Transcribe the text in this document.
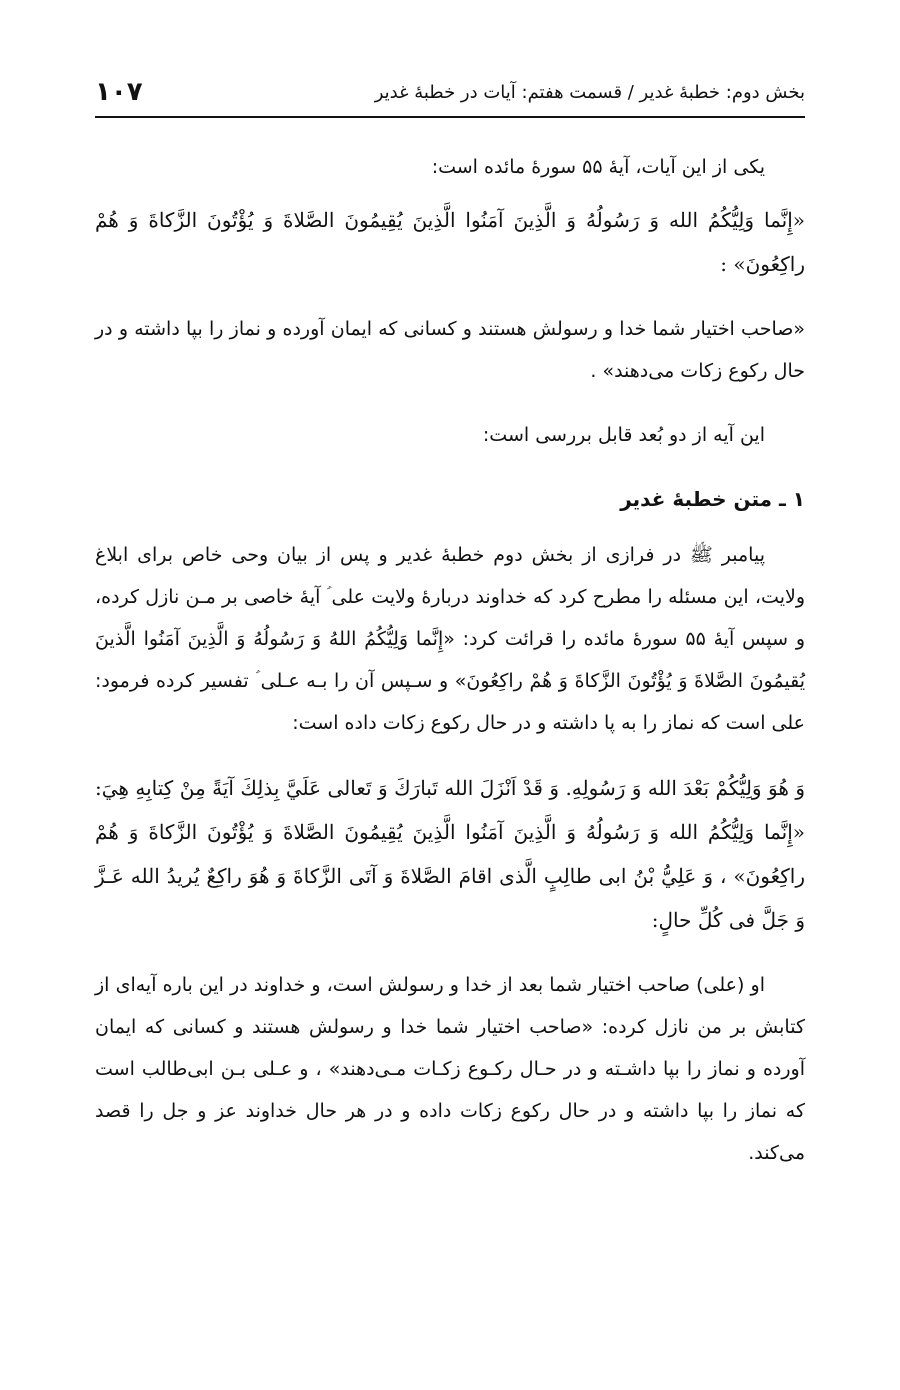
بخش دوم: خطبهٔ غدیر / قسمت هفتم: آیات در خطبهٔ غدیر
۱۰۷

یکی از این آیات، آیهٔ ۵۵ سورهٔ مائده است:

«إِنَّما وَلِيُّكُمُ الله وَ رَسُولُهُ وَ الَّذِينَ آمَنُوا الَّذِينَ يُقِيمُونَ الصَّلاةَ وَ يُؤْتُونَ الزَّكاةَ وَ هُمْ راكِعُونَ» :

«صاحب اختیار شما خدا و رسولش هستند و کسانی که ایمان آورده و نماز را بپا داشته و در حال رکوع زکات می‌دهند» .

این آیه از دو بُعد قابل بررسی است:

۱ ـ متن خطبهٔ غدیر

پیامبر ﷺ در فرازی از بخش دوم خطبهٔ غدیر و پس از بیان وحی خاص برای ابلاغ ولایت، این مسئله را مطرح کرد که خداوند دربارهٔ ولایت علی ؑ آیهٔ خاصی بر مـن نازل کرده، و سپس آیهٔ ۵۵ سورهٔ مائده را قرائت کرد: «إِنَّما وَلِيُّكُمُ اللهُ وَ رَسُولُهُ وَ الَّذِينَ آمَنُوا الَّذينَ يُقيمُونَ الصَّلاةَ وَ يُؤْتُونَ الزَّكاةَ وَ هُمْ راكِعُونَ» و سـپس آن را بـه عـلی ؑ تفسیر کرده فرمود: علی است که نماز را به پا داشته و در حال رکوع زکات داده است:

وَ هُوَ وَلِيُّكُمْ بَعْدَ الله وَ رَسُولِهِ. وَ قَدْ اَنْزَلَ الله تَبارَكَ وَ تَعالى عَلَيَّ بِذلِكَ آيَةً مِنْ كِتابِهِ هِيَ: «إِنَّما وَلِيُّكُمُ الله وَ رَسُولُهُ وَ الَّذِينَ آمَنُوا الَّذِينَ يُقِيمُونَ الصَّلاةَ وَ يُؤْتُونَ الزَّكاةَ وَ هُمْ راكِعُونَ» ، وَ عَلِيُّ بْنُ ابى طالِبٍ الَّذى اقامَ الصَّلاةَ وَ آتَى الزَّكاةَ وَ هُوَ راكِعٌ يُريدُ الله عَـزَّ وَ جَلَّ فى كُلِّ حالٍ:

او (علی) صاحب اختیار شما بعد از خدا و رسولش است، و خداوند در این باره آیه‌ای از کتابش بر من نازل کرده: «صاحب اختیار شما خدا و رسولش هستند و کسانی که ایمان آورده و نماز را بپا داشـته و در حـال رکـوع زکـات مـی‌دهند» ، و عـلی بـن ابی‌طالب است که نماز را بپا داشته و در حال رکوع زکات داده و در هر حال خداوند عز و جل را قصد می‌کند.
